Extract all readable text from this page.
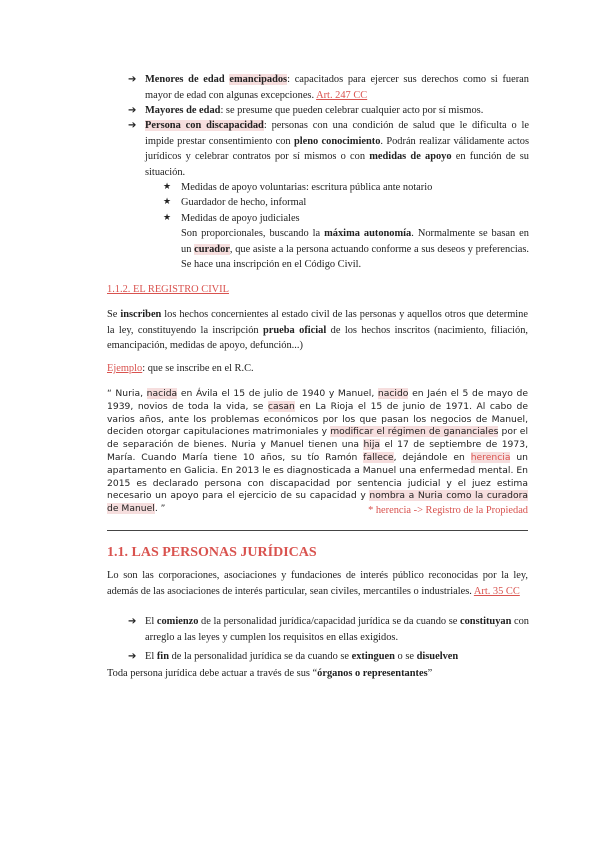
➔ Menores de edad emancipados: capacitados para ejercer sus derechos como si fueran mayor de edad con algunas excepciones. Art. 247 CC
➔ Mayores de edad: se presume que pueden celebrar cualquier acto por sí mismos.
➔ Persona con discapacidad: personas con una condición de salud que le dificulta o le impide prestar consentimiento con pleno conocimiento. Podrán realizar válidamente actos jurídicos y celebrar contratos por sí mismos o con medidas de apoyo en función de su situación.
★ Medidas de apoyo voluntarias: escritura pública ante notario
★ Guardador de hecho, informal
★ Medidas de apoyo judiciales
Son proporcionales, buscando la máxima autonomía. Normalmente se basan en un curador, que asiste a la persona actuando conforme a sus deseos y preferencias. Se hace una inscripción en el Código Civil.
1.1.2. EL REGISTRO CIVIL
Se inscriben los hechos concernientes al estado civil de las personas y aquellos otros que determine la ley, constituyendo la inscripción prueba oficial de los hechos inscritos (nacimiento, filiación, emancipación, medidas de apoyo, defunción...)
Ejemplo: que se inscribe en el R.C.
“ Nuria, nacida en Ávila el 15 de julio de 1940 y Manuel, nacido en Jaén el 5 de mayo de 1939, novios de toda la vida, se casan en La Rioja el 15 de junio de 1971. Al cabo de varios años, ante los problemas económicos por los que pasan los negocios de Manuel, deciden otorgar capitulaciones matrimoniales y modificar el régimen de gananciales por el de separación de bienes. Nuria y Manuel tienen una hija el 17 de septiembre de 1973, María. Cuando María tiene 10 años, su tío Ramón fallece, dejándole en herencia un apartamento en Galicia. En 2013 le es diagnosticada a Manuel una enfermedad mental. En 2015 es declarado persona con discapacidad por sentencia judicial y el juez estima necesario un apoyo para el ejercicio de su capacidad y nombra a Nuria como la curadora de Manuel. ”	* herencia -> Registro de la Propiedad
1.1. LAS PERSONAS JURÍDICAS
Lo son las corporaciones, asociaciones y fundaciones de interés público reconocidas por la ley, además de las asociaciones de interés particular, sean civiles, mercantiles o industriales. Art. 35 CC
➔ El comienzo de la personalidad jurídica/capacidad jurídica se da cuando se constituyan con arreglo a las leyes y cumplen los requisitos en ellas exigidos.
➔ El fin de la personalidad jurídica se da cuando se extinguen o se disuelven
Toda persona jurídica debe actuar a través de sus “órganos o representantes”
